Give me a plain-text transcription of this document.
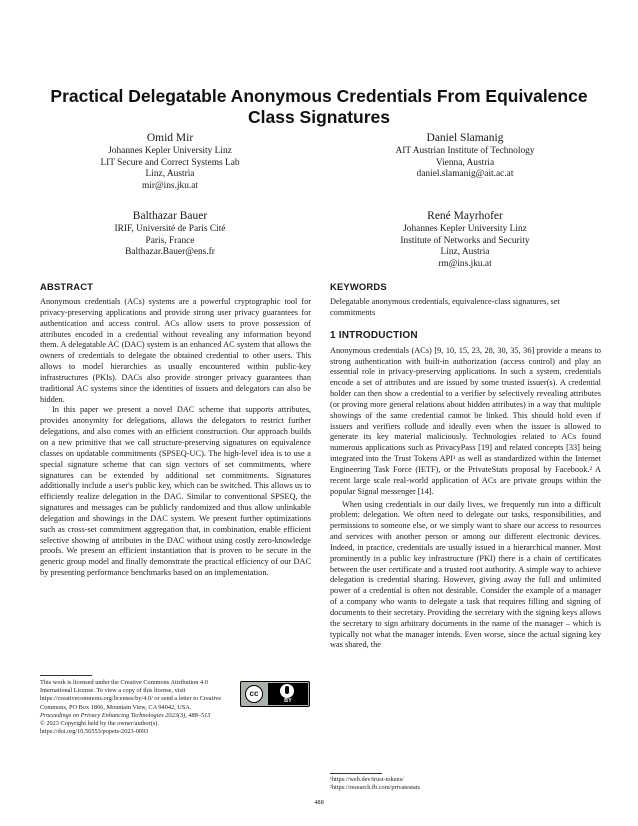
Practical Delegatable Anonymous Credentials From Equivalence Class Signatures
Omid Mir
Johannes Kepler University Linz
LIT Secure and Correct Systems Lab
Linz, Austria
mir@ins.jku.at
Daniel Slamanig
AIT Austrian Institute of Technology
Vienna, Austria
daniel.slamanig@ait.ac.at
Balthazar Bauer
IRIF, Université de Paris Cité
Paris, France
Balthazar.Bauer@ens.fr
René Mayrhofer
Johannes Kepler University Linz
Institute of Networks and Security
Linz, Austria
rm@ins.jku.at
ABSTRACT

Anonymous credentials (ACs) systems are a powerful cryptographic tool for privacy-preserving applications and provide strong user privacy guarantees for authentication and access control. ACs allow users to prove possession of attributes encoded in a credential without revealing any information beyond them. A delegatable AC (DAC) system is an enhanced AC system that allows the owners of credentials to delegate the obtained credential to other users. This allows to model hierarchies as usually encountered within public-key infrastructures (PKIs). DACs also provide stronger privacy guarantees than traditional AC systems since the identities of issuers and delegators can also be hidden.

In this paper we present a novel DAC scheme that supports attributes, provides anonymity for delegations, allows the delegators to restrict further delegations, and also comes with an efficient construction. Our approach builds on a new primitive that we call structure-preserving signatures on equivalence classes on updatable commitments (SPSEQ-UC). The high-level idea is to use a special signature scheme that can sign vectors of set commitments, where signatures can be extended by additional set commitments. Signatures additionally include a user's public key, which can be switched. This allows us to efficiently realize delegation in the DAC. Similar to conventional SPSEQ, the signatures and messages can be publicly randomized and thus allow unlinkable delegation and showings in the DAC system. We present further optimizations such as cross-set commitment aggregation that, in combination, enable efficient selective showing of attributes in the DAC without using costly zero-knowledge proofs. We present an efficient instantiation that is proven to be secure in the generic group model and finally demonstrate the practical efficiency of our DAC by presenting performance benchmarks based on an implementation.

KEYWORDS

Delegatable anonymous credentials, equivalence-class signatures, set commitments

1 INTRODUCTION

Anonymous credentials (ACs) [9, 10, 15, 23, 28, 30, 35, 36] provide a means to strong authentication with built-in authorization (access control) and play an essential role in privacy-preserving applications. In such a system, credentials encode a set of attributes and are issued by some trusted issuer(s). A credential holder can then show a credential to a verifier by selectively revealing attributes (or proving more general relations about hidden attributes) in a way that multiple showings of the same credential cannot be linked. This should hold even if issuers and verifiers collude and ideally even when the issuer is allowed to generate its key material maliciously. Technologies related to ACs found numerous applications such as PrivacyPass [19] and related concepts [33] being integrated into the Trust Tokens API¹ as well as standardized within the Internet Engineering Task Force (IETF), or the PrivateStats proposal by Facebook.² A recent large scale real-world application of ACs are private groups within the popular Signal messenger [14].

When using credentials in our daily lives, we frequently run into a difficult problem: delegation. We often need to delegate our tasks, responsibilities, and permissions to someone else, or we simply want to share our access to resources and services with another person or among our different electronic devices. Indeed, in practice, credentials are usually issued in a hierarchical manner. Most prominently in a public key infrastructure (PKI) there is a chain of certificates between the user certificate and a trusted root authority. A simple way to achieve delegation is credential sharing. However, giving away the full and unlimited power of a credential is often not desirable. Consider the example of a manager of a company who wants to delegate a task that requires filling and signing of documents to their secretary. Providing the secretary with the signing keys allows the secretary to sign arbitrary documents in the name of the manager – which is typically not what the manager intends. Even worse, since the actual signing key was shared, the

This work is licensed under the Creative Commons Attribution 4.0 International License. To view a copy of this license, visit https://creativecommons.org/licenses/by/4.0/ or send a letter to Creative Commons, PO Box 1866, Mountain View, CA 94042, USA.
Proceedings on Privacy Enhancing Technologies 2023(3), 488–513
© 2023 Copyright held by the owner/author(s).
https://doi.org/10.56553/popets-2023-0093
cc
BY
¹https://web.dev/trust-tokens/
²https://research.fb.com/privatestats
488
